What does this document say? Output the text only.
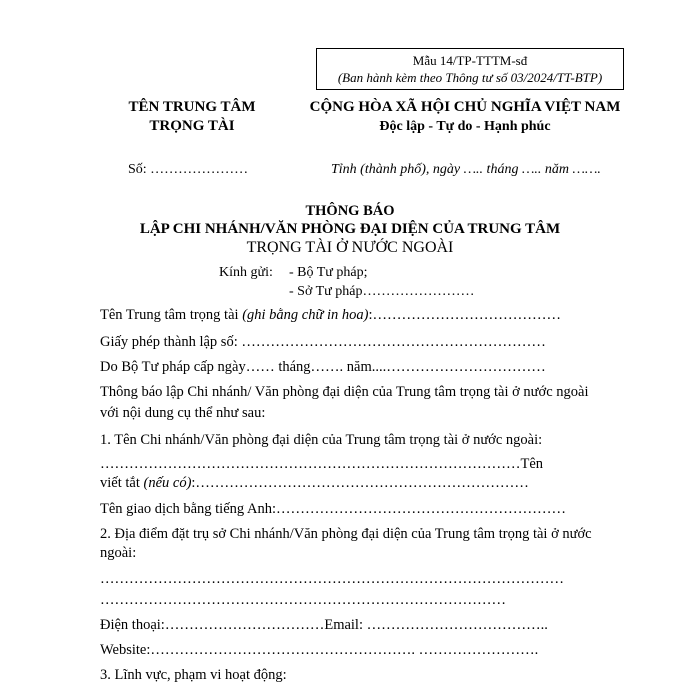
Mẫu 14/TP-TTTM-sđ
(Ban hành kèm theo Thông tư số 03/2024/TT-BTP)
TÊN TRUNG TÂM
TRỌNG TÀI
CỘNG HÒA XÃ HỘI CHỦ NGHĨA VIỆT NAM
Độc lập - Tự do - Hạnh phúc
Số: …………………	Tỉnh (thành phố), ngày ….. tháng ….. năm …….
THÔNG BÁO
LẬP CHI NHÁNH/VĂN PHÒNG ĐẠI DIỆN CỦA TRUNG TÂM
TRỌNG TÀI Ở NƯỚC NGOÀI
Kính gửi: - Bộ Tư pháp;
- Sở Tư pháp……………………
Tên Trung tâm trọng tài (ghi bằng chữ in hoa):…………………………………
Giấy phép thành lập số: ………………………………………………………
Do Bộ Tư pháp cấp ngày…… tháng……. năm....……………………………
Thông báo lập Chi nhánh/ Văn phòng đại diện của Trung tâm trọng tài ở nước ngoài
với nội dung cụ thể như sau:
1. Tên Chi nhánh/Văn phòng đại diện của Trung tâm trọng tài ở nước ngoài:
……………………………………………………………………………Tên
viết tắt (nếu có):……………………………………………………………
Tên giao dịch bằng tiếng Anh:……………………………………………………
2. Địa điểm đặt trụ sở Chi nhánh/Văn phòng đại diện của Trung tâm trọng tài ở nước
ngoài:
……………………………………………………………………………………
…………………………………………………………………………
Điện thoại:……………………………Email: ………………………………..
Website:………………………………………………. …………………….
3. Lĩnh vực, phạm vi hoạt động:
